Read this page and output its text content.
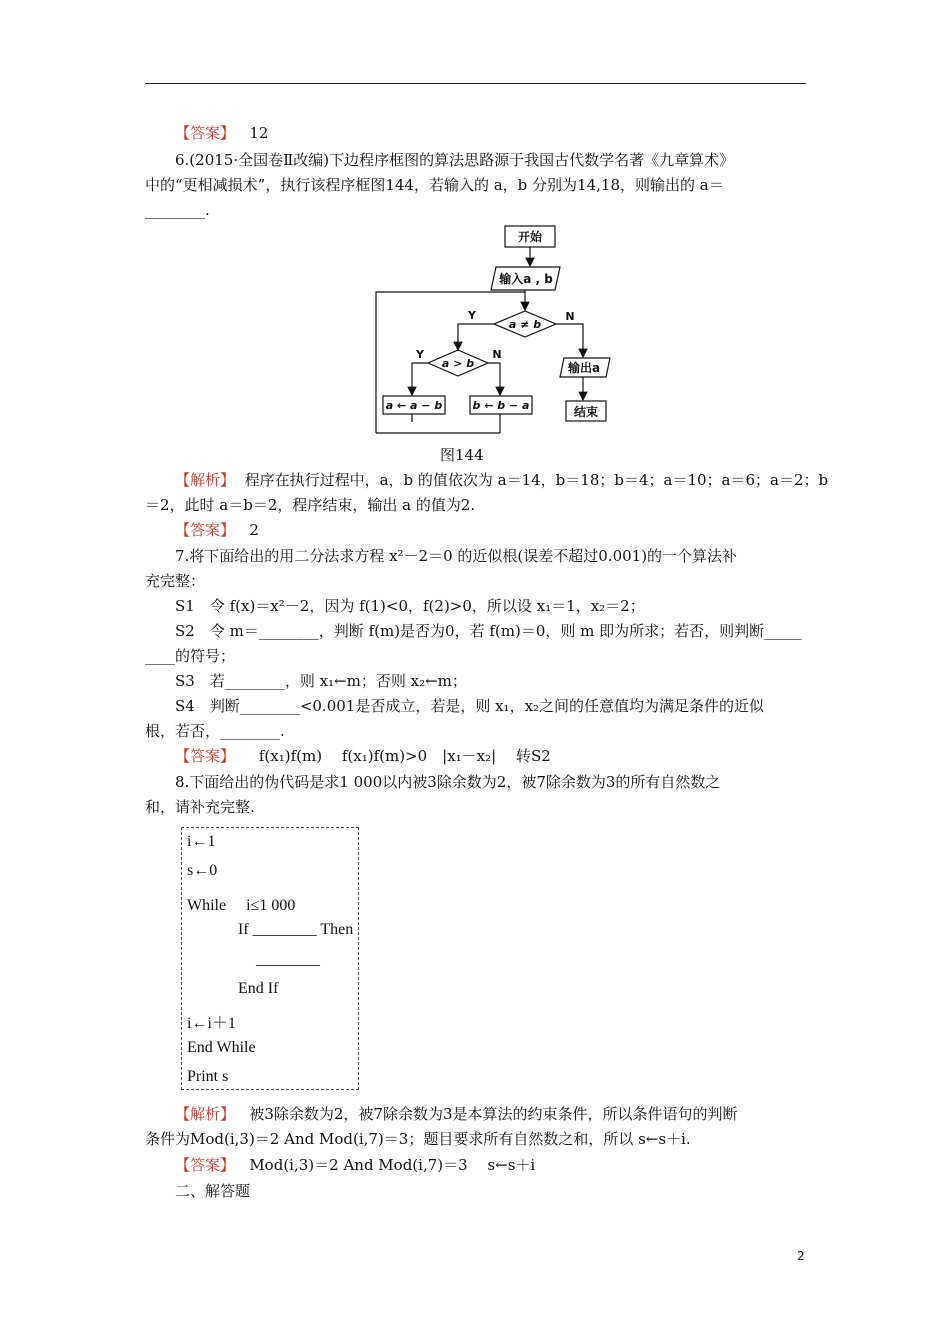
【答案】 12
6.(2015·全国卷Ⅱ改编)下边程序框图的算法思路源于我国古代数学名著《九章算术》
中的“更相减损术”，执行该程序框图144，若输入的 a，b 分别为14,18，则输出的 a＝
________.
开始
输入a , b
a ≠ b
Y	N
a > b
Y	N
a ← a − b	b ← b − a
输出a
结束
图144
【解析】 程序在执行过程中，a，b 的值依次为 a＝14，b＝18；b＝4；a＝10；a＝6；a＝2；b
＝2，此时 a＝b＝2，程序结束，输出 a 的值为2.
【答案】 2
7.将下面给出的用二分法求方程 x²－2＝0 的近似根(误差不超过0.001)的一个算法补
充完整：
S1　令 f(x)＝x²－2，因为 f(1)<0，f(2)>0，所以设 x₁＝1，x₂＝2；
S2　令 m＝________，判断 f(m)是否为0，若 f(m)＝0，则 m 即为所求；若否，则判断_____
____的符号；
S3　若________，则 x₁←m；否则 x₂←m；
S4　判断________<0.001是否成立，若是，则 x₁，x₂之间的任意值均为满足条件的近似
根，若否，________.
【答案】 f(x₁)f(m)　 f(x₁)f(m)>0　|x₁－x₂|　 转S2
8.下面给出的伪代码是求1 000以内被3除余数为2，被7除余数为3的所有自然数之
和，请补充完整.
i←1
s←0
While　 i≤1 000
If ________ Then
________
End If
i←i＋1
End While
Print s
【解析】 被3除余数为2，被7除余数为3是本算法的约束条件，所以条件语句的判断
条件为Mod(i,3)＝2 And Mod(i,7)＝3；题目要求所有自然数之和，所以 s←s＋i.
【答案】 Mod(i,3)＝2 And Mod(i,7)＝3　 s←s＋i
二、解答题
2
